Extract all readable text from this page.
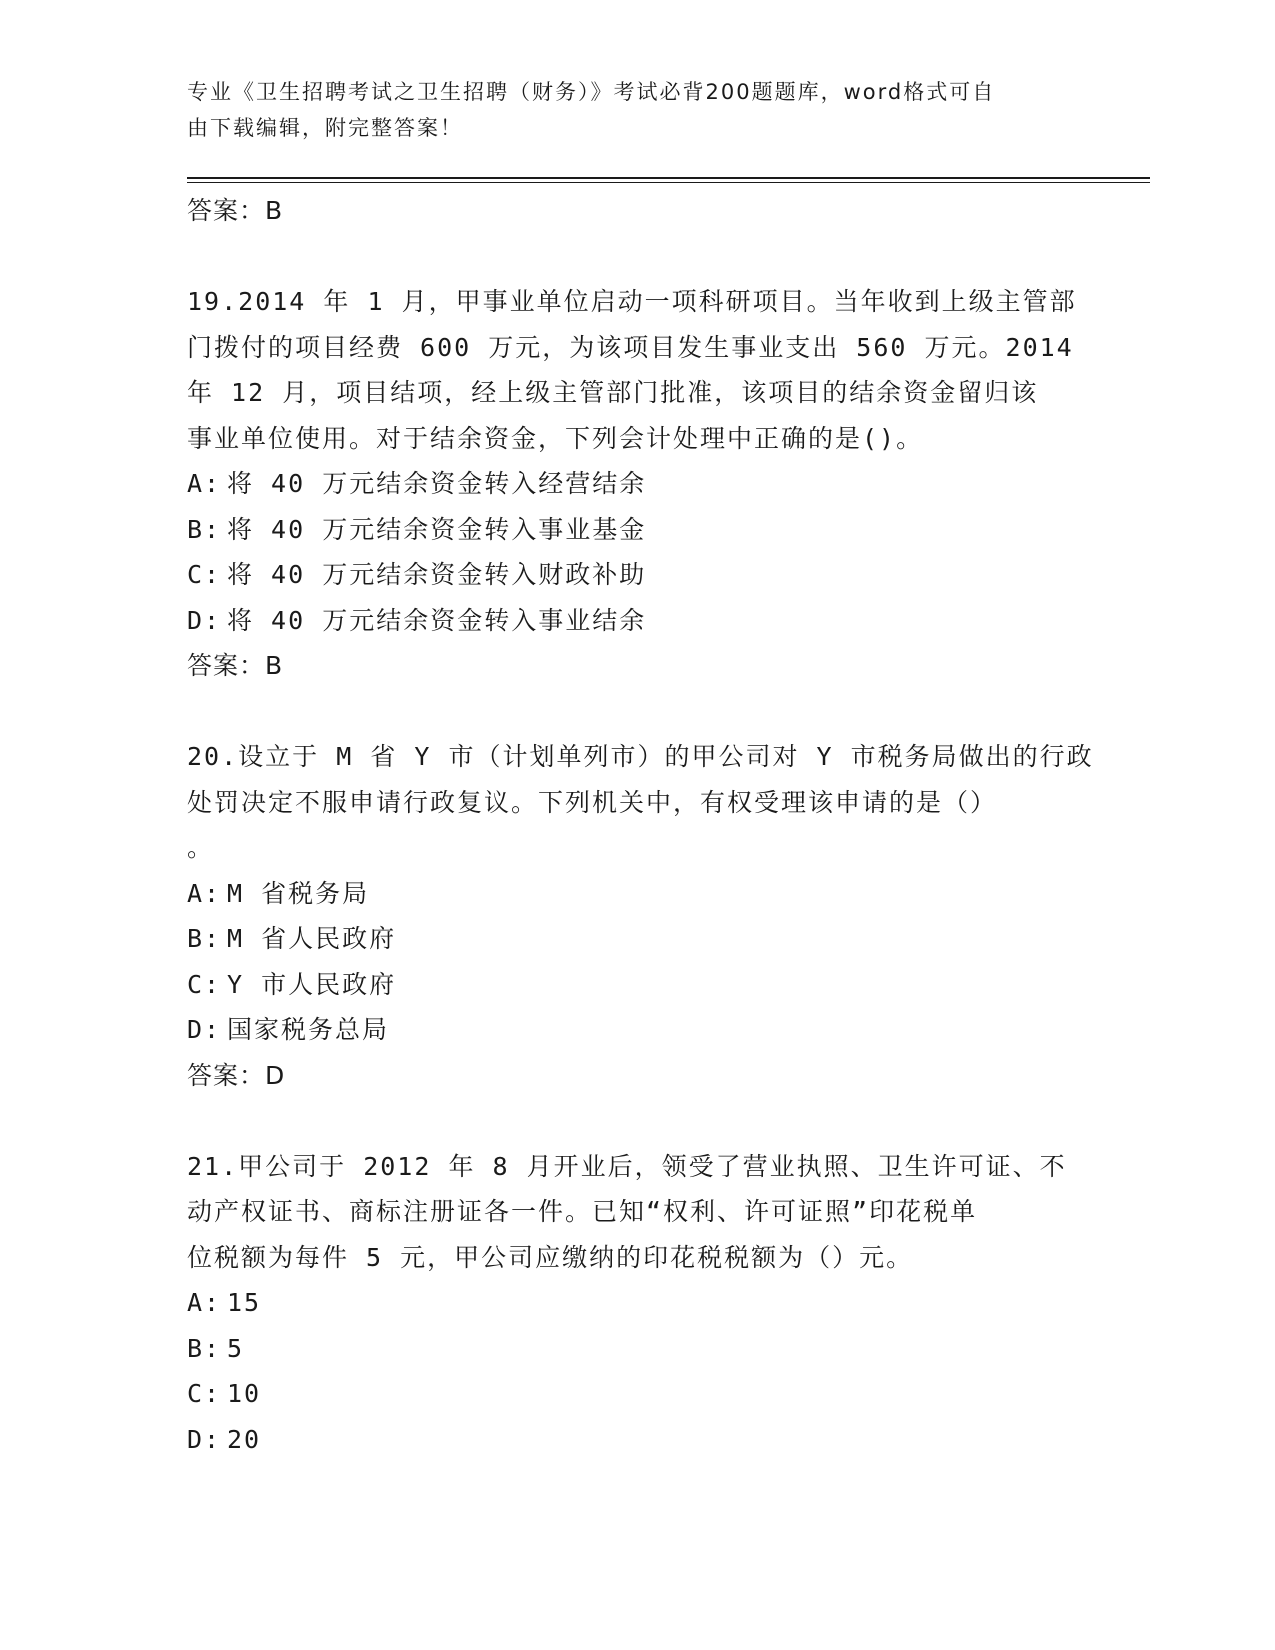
专业《卫生招聘考试之卫生招聘（财务）》考试必背200题题库，word格式可自
由下载编辑，附完整答案！
答案：B
19.2014 年 1 月，甲事业单位启动一项科研项目。当年收到上级主管部
门拨付的项目经费 600 万元，为该项目发生事业支出 560 万元。2014
年 12 月，项目结项，经上级主管部门批准，该项目的结余资金留归该
事业单位使用。对于结余资金，下列会计处理中正确的是()。
A: 将 40 万元结余资金转入经营结余
B: 将 40 万元结余资金转入事业基金
C: 将 40 万元结余资金转入财政补助
D: 将 40 万元结余资金转入事业结余
答案：B
20.设立于 M 省 Y 市（计划单列市）的甲公司对 Y 市税务局做出的行政
处罚决定不服申请行政复议。下列机关中，有权受理该申请的是（）
。
A: M 省税务局
B: M 省人民政府
C: Y 市人民政府
D: 国家税务总局
答案：D
21.甲公司于 2012 年 8 月开业后，领受了营业执照、卫生许可证、不
动产权证书、商标注册证各一件。已知“权利、许可证照”印花税单
位税额为每件 5 元，甲公司应缴纳的印花税税额为（）元。
A: 15
B: 5
C: 10
D: 20
